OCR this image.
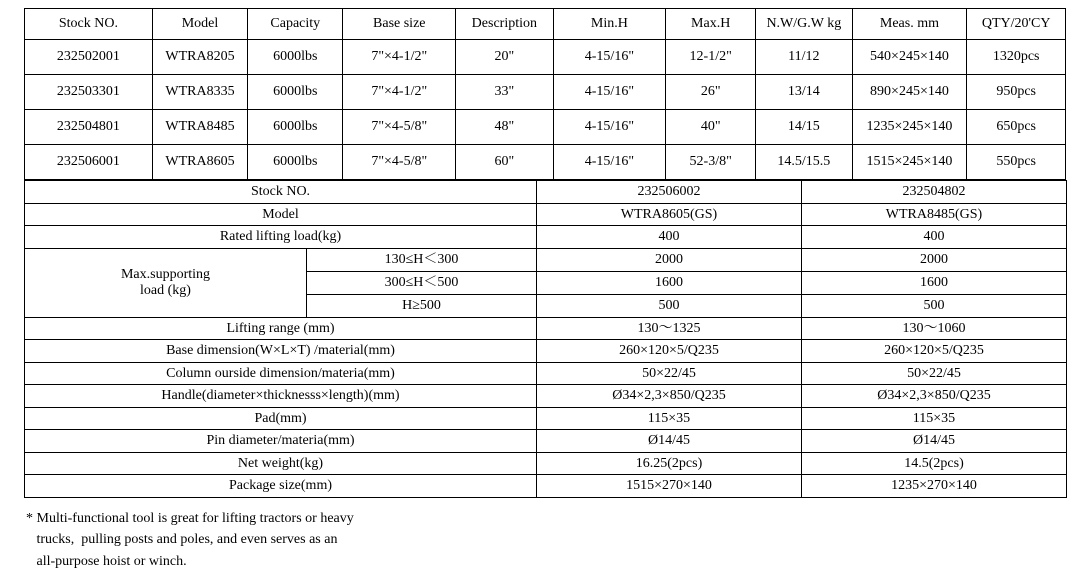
Stock NO.	Model	Capacity	Base size	Description	Min.H	Max.H	N.W/G.W kg	Meas. mm	QTY/20'CY
232502001	WTRA8205	6000lbs	7"×4-1/2"	20"	4-15/16"	12-1/2"	11/12	540×245×140	1320pcs
232503301	WTRA8335	6000lbs	7"×4-1/2"	33"	4-15/16"	26"	13/14	890×245×140	950pcs
232504801	WTRA8485	6000lbs	7"×4-5/8"	48"	4-15/16"	40"	14/15	1235×245×140	650pcs
232506001	WTRA8605	6000lbs	7"×4-5/8"	60"	4-15/16"	52-3/8"	14.5/15.5	1515×245×140	550pcs
Stock NO.		232506002	232504802
Model		WTRA8605(GS)	WTRA8485(GS)
Rated lifting load(kg)		400	400
Max.supporting
load (kg)	130≤H＜300	2000	2000
	300≤H＜500	1600	1600
	H≥500	500	500
Lifting range (mm)		130～1325	130～1060
Base dimension(W×L×T) /material(mm)		260×120×5/Q235	260×120×5/Q235
Column ourside dimension/materia(mm)		50×22/45	50×22/45
Handle(diameter×thicknesss×length)(mm)		Ø34×2,3×850/Q235	Ø34×2,3×850/Q235
Pad(mm)		115×35	115×35
Pin diameter/materia(mm)		Ø14/45	Ø14/45
Net weight(kg)		16.25(2pcs)	14.5(2pcs)
Package size(mm)		1515×270×140	1235×270×140
* Multi-functional tool is great for lifting tractors or heavy
trucks,  pulling posts and poles, and even serves as an
all-purpose hoist or winch.
